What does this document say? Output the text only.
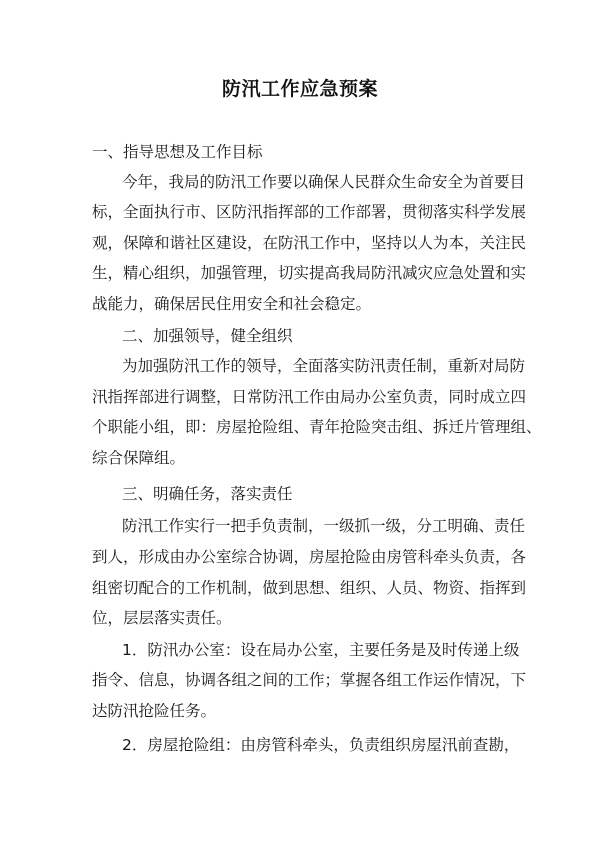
防汛工作应急预案
一、指导思想及工作目标
今年，我局的防汛工作要以确保人民群众生命安全为首要目
标，全面执行市、区防汛指挥部的工作部署，贯彻落实科学发展
观，保障和谐社区建设，在防汛工作中，坚持以人为本，关注民
生，精心组织，加强管理，切实提高我局防汛减灾应急处置和实
战能力，确保居民住用安全和社会稳定。
二、加强领导，健全组织
为加强防汛工作的领导，全面落实防汛责任制，重新对局防
汛指挥部进行调整，日常防汛工作由局办公室负责，同时成立四
个职能小组，即：房屋抢险组、青年抢险突击组、拆迁片管理组、
综合保障组。
三、明确任务，落实责任
防汛工作实行一把手负责制，一级抓一级，分工明确、责任
到人，形成由办公室综合协调，房屋抢险由房管科牵头负责，各
组密切配合的工作机制，做到思想、组织、人员、物资、指挥到
位，层层落实责任。
1．防汛办公室：设在局办公室，主要任务是及时传递上级
指令、信息，协调各组之间的工作；掌握各组工作运作情况，下
达防汛抢险任务。
2．房屋抢险组：由房管科牵头，负责组织房屋汛前查勘，
